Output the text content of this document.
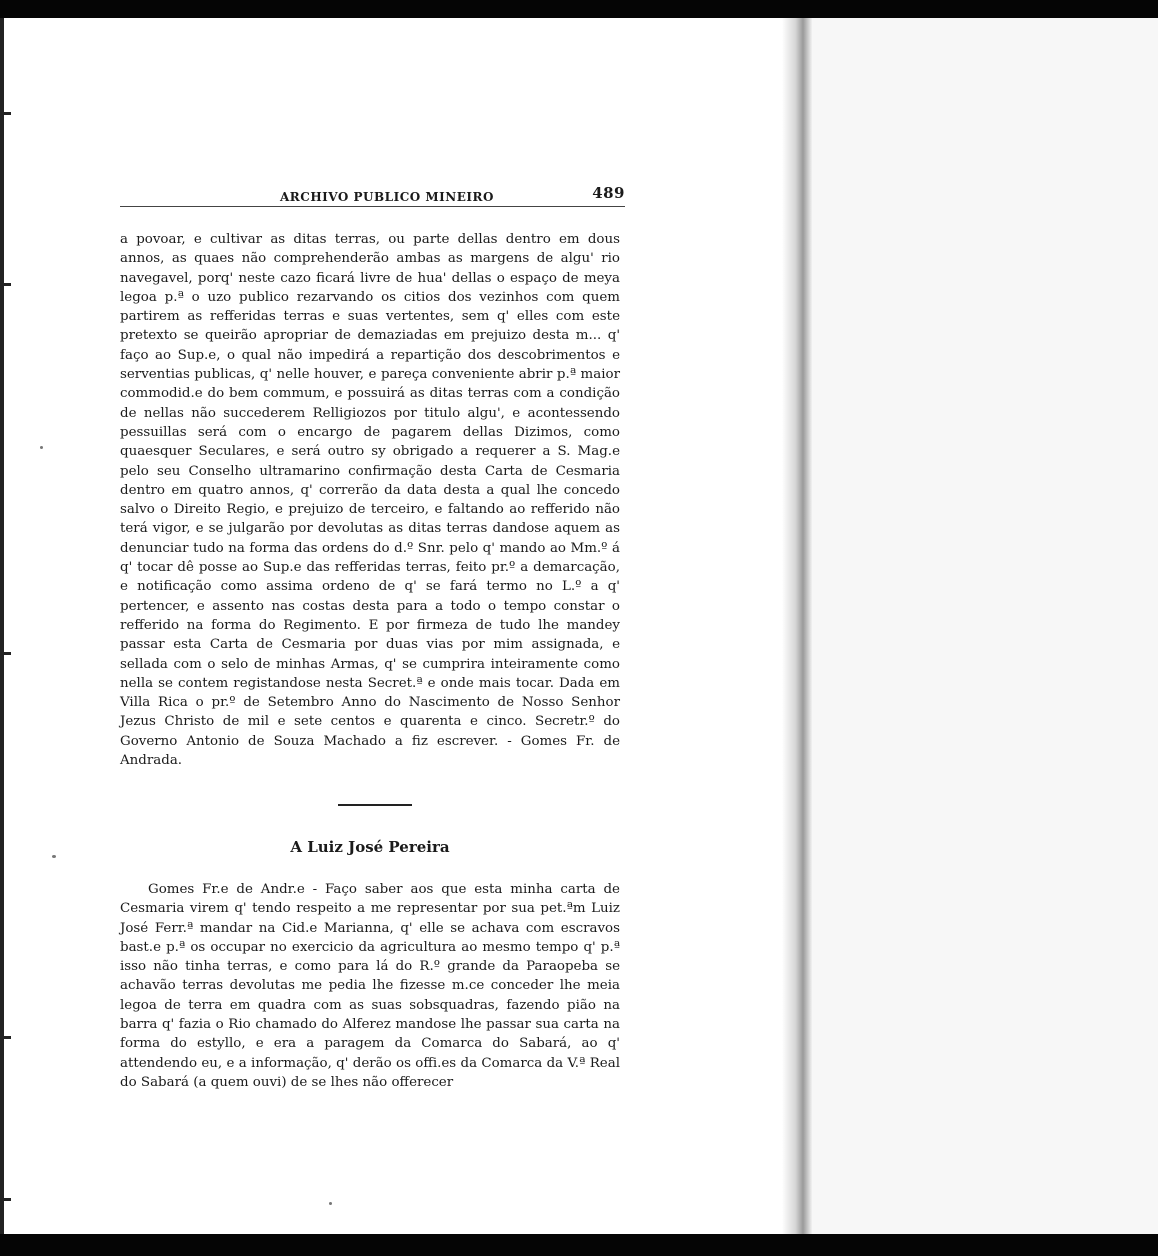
ARCHIVO PUBLICO MINEIRO	489

a povoar, e cultivar as ditas terras, ou parte dellas dentro em dous annos, as quaes não comprehenderão ambas as margens de algu' rio navegavel, porq' neste cazo ficará livre de hua' dellas o espaço de meya legoa p.ª o uzo publico rezarvando os citios dos vezinhos com quem partirem as refferidas terras e suas vertentes, sem q' elles com este pretexto se queirão apropriar de demaziadas em prejuizo desta m... q' faço ao Sup.e, o qual não impedirá a repartição dos descobrimentos e serventias publicas, q' nelle houver, e pareça conveniente abrir p.ª maior commodid.e do bem commum, e possuirá as ditas terras com a condição de nellas não succederem Relligiozos por titulo algu', e acontessendo pessuillas será com o encargo de pagarem dellas Dizimos, como quaesquer Seculares, e será outro sy obrigado a requerer a S. Mag.e pelo seu Conselho ultramarino confirmação desta Carta de Cesmaria dentro em quatro annos, q' correrão da data desta a qual lhe concedo salvo o Direito Regio, e prejuizo de terceiro, e faltando ao refferido não terá vigor, e se julgarão por devolutas as ditas terras dandose aquem as denunciar tudo na forma das ordens do d.º Snr. pelo q' mando ao Mm.º á q' tocar dê posse ao Sup.e das refferidas terras, feito pr.º a demarcação, e notificação como assima ordeno de q' se fará termo no L.º a q' pertencer, e assento nas costas desta para a todo o tempo constar o refferido na forma do Regimento. E por firmeza de tudo lhe mandey passar esta Carta de Cesmaria por duas vias por mim assignada, e sellada com o selo de minhas Armas, q' se cumprira inteiramente como nella se contem registandose nesta Secret.ª e onde mais tocar. Dada em Villa Rica o pr.º de Setembro Anno do Nascimento de Nosso Senhor Jezus Christo de mil e sete centos e quarenta e cinco. Secretr.º do Governo Antonio de Souza Machado a fiz escrever. - Gomes Fr. de Andrada.

A Luiz José Pereira

Gomes Fr.e de Andr.e - Faço saber aos que esta minha carta de Cesmaria virem q' tendo respeito a me representar por sua pet.ªm Luiz José Ferr.ª mandar na Cid.e Marianna, q' elle se achava com escravos bast.e p.ª os occupar no exercicio da agricultura ao mesmo tempo q' p.ª isso não tinha terras, e como para lá do R.º grande da Paraopeba se achavão terras devolutas me pedia lhe fizesse m.ce conceder lhe meia legoa de terra em quadra com as suas sobsquadras, fazendo pião na barra q' fazia o Rio chamado do Alferez mandose lhe passar sua carta na forma do estyllo, e era a paragem da Comarca do Sabará, ao q' attendendo eu, e a informação, q' derão os offi.es da Comarca da V.ª Real do Sabará (a quem ouvi) de se lhes não offerecer
